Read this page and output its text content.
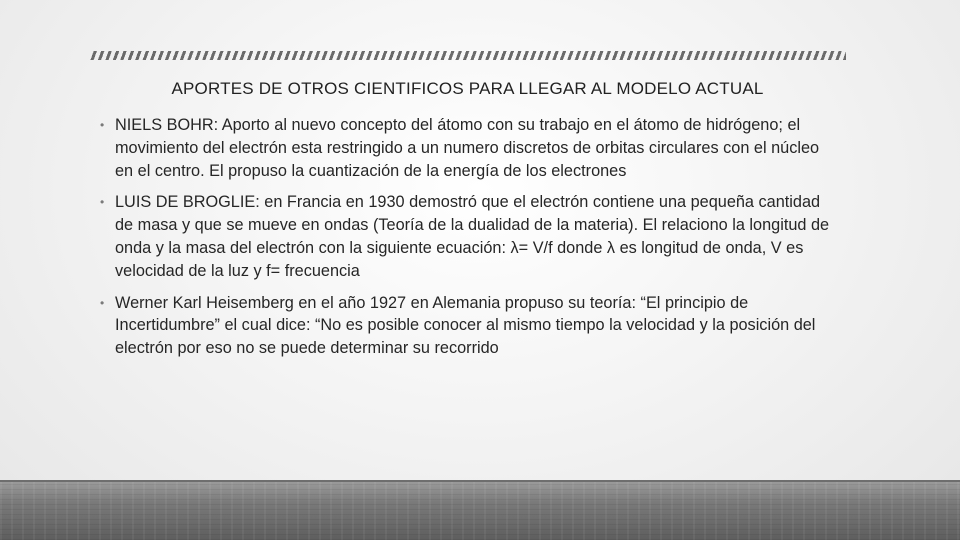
APORTES DE OTROS CIENTIFICOS PARA LLEGAR AL MODELO ACTUAL
• NIELS BOHR: Aporto al nuevo concepto del átomo con su trabajo en el átomo de hidrógeno; el movimiento del electrón esta restringido a un numero discretos de orbitas circulares con el núcleo en el centro. El propuso la cuantización de la energía de los electrones
• LUIS DE BROGLIE: en Francia en 1930 demostró que el electrón contiene una pequeña cantidad de masa y que se mueve en ondas (Teoría de la dualidad de la materia). El relaciono la longitud de onda y la masa del electrón con la siguiente ecuación: λ= V/f donde λ es longitud de onda, V es velocidad de la luz y f= frecuencia
• Werner Karl Heisemberg en el año 1927 en Alemania propuso su teoría: “El principio de Incertidumbre” el cual dice: “No es posible conocer al mismo tiempo la velocidad y la posición del electrón por eso no se puede determinar su recorrido
